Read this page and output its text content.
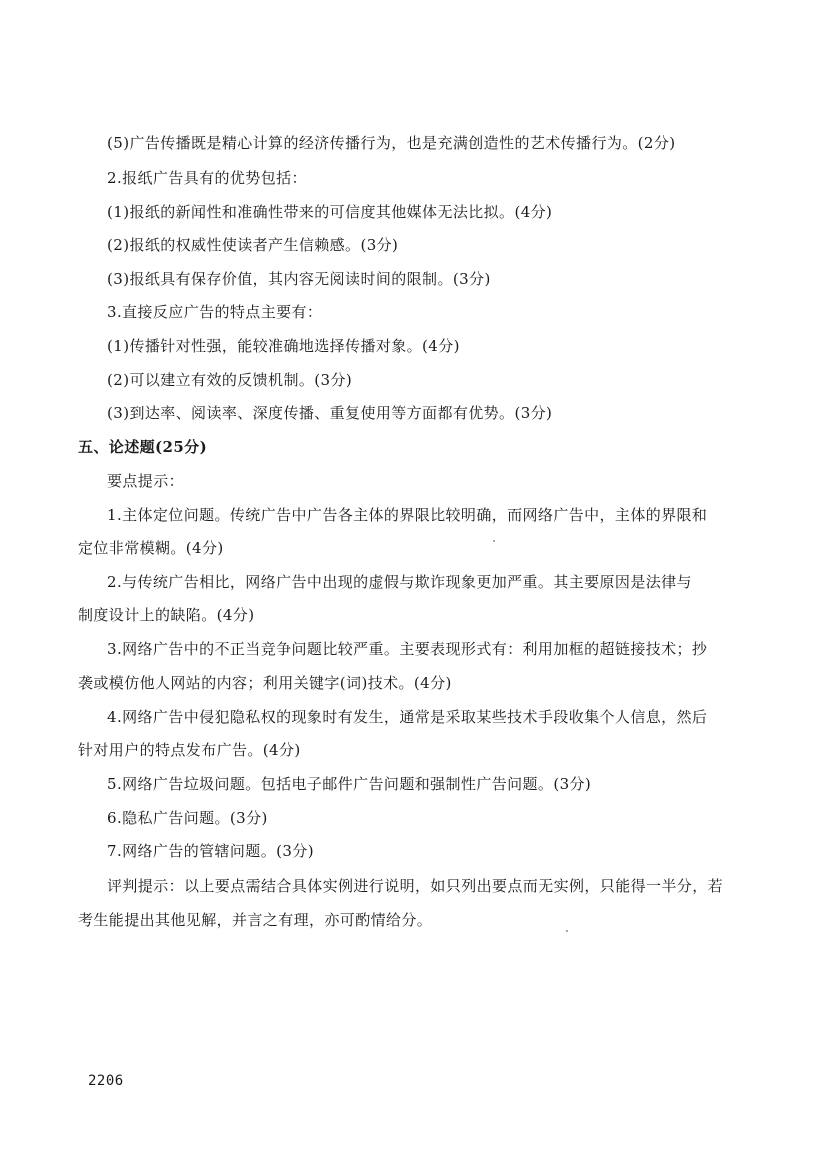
(5)广告传播既是精心计算的经济传播行为，也是充满创造性的艺术传播行为。(2分)
2.报纸广告具有的优势包括：
(1)报纸的新闻性和准确性带来的可信度其他媒体无法比拟。(4分)
(2)报纸的权威性使读者产生信赖感。(3分)
(3)报纸具有保存价值，其内容无阅读时间的限制。(3分)
3.直接反应广告的特点主要有：
(1)传播针对性强，能较准确地选择传播对象。(4分)
(2)可以建立有效的反馈机制。(3分)
(3)到达率、阅读率、深度传播、重复使用等方面都有优势。(3分)
五、论述题(25分)
要点提示：
1.主体定位问题。传统广告中广告各主体的界限比较明确，而网络广告中，主体的界限和
定位非常模糊。(4分)
2.与传统广告相比，网络广告中出现的虚假与欺诈现象更加严重。其主要原因是法律与
制度设计上的缺陷。(4分)
3.网络广告中的不正当竞争问题比较严重。主要表现形式有：利用加框的超链接技术；抄
袭或模仿他人网站的内容；利用关键字(词)技术。(4分)
4.网络广告中侵犯隐私权的现象时有发生，通常是采取某些技术手段收集个人信息，然后
针对用户的特点发布广告。(4分)
5.网络广告垃圾问题。包括电子邮件广告问题和强制性广告问题。(3分)
6.隐私广告问题。(3分)
7.网络广告的管辖问题。(3分)
评判提示：以上要点需结合具体实例进行说明，如只列出要点而无实例，只能得一半分，若
考生能提出其他见解，并言之有理，亦可酌情给分。
2206
